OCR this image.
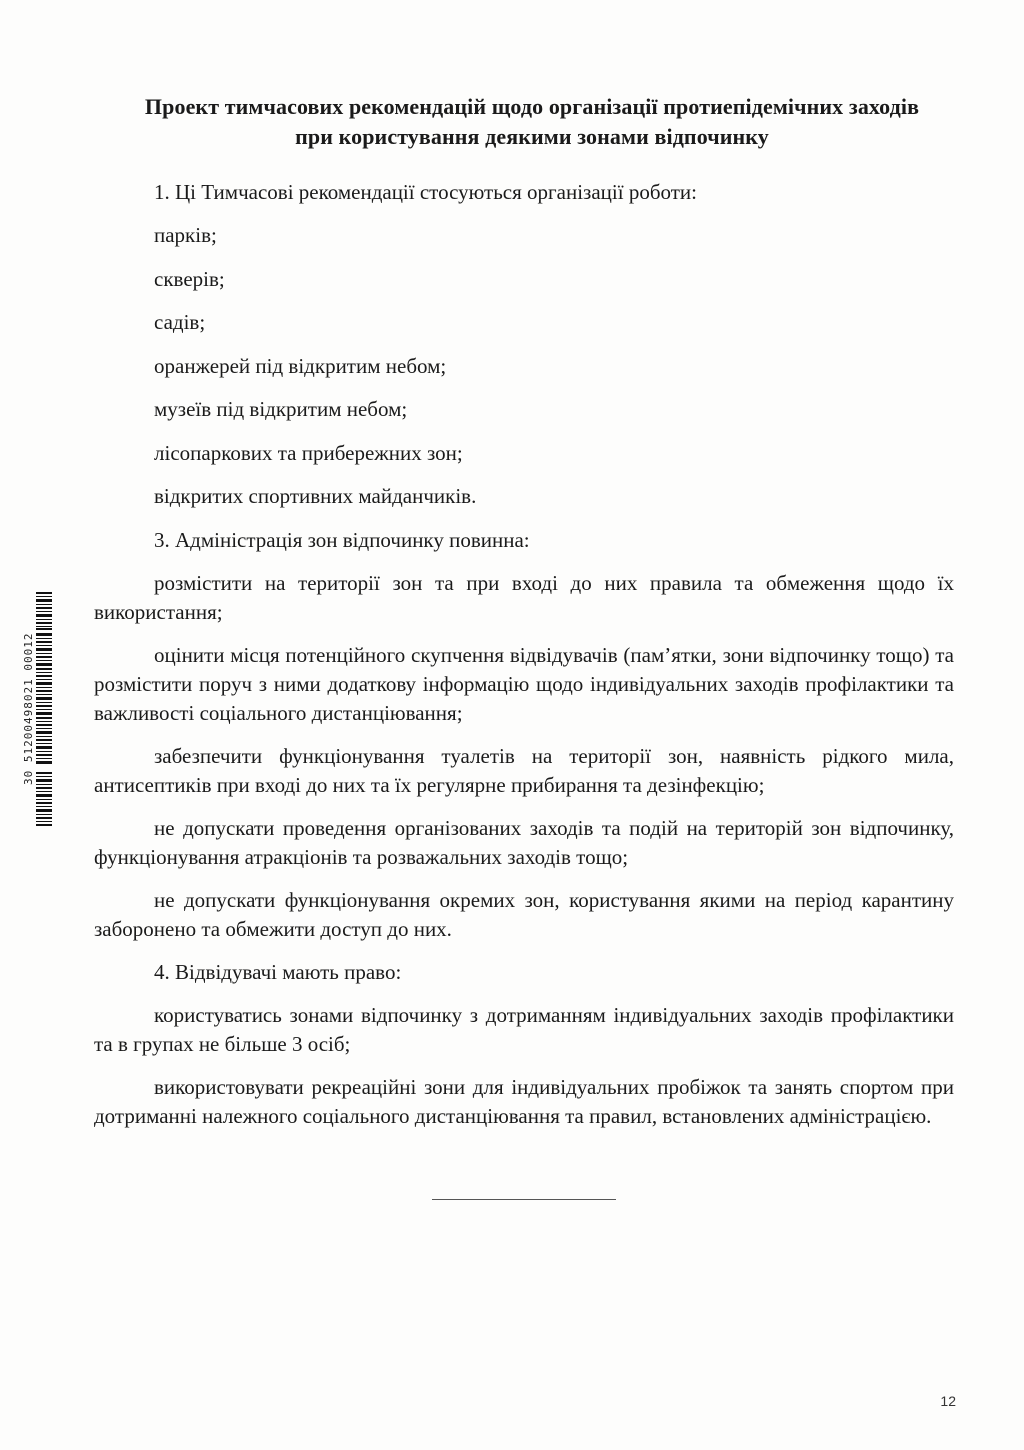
Проект тимчасових рекомендацій щодо організації протиепідемічних заходів
при користування деякими зонами відпочинку

1. Ці Тимчасові рекомендації стосуються організації роботи:

парків;

скверів;

садів;

оранжерей під відкритим небом;

музеїв під відкритим небом;

лісопаркових та прибережних зон;

відкритих спортивних майданчиків.

3. Адміністрація зон відпочинку повинна:

розмістити на території зон та при вході до них правила та обмеження щодо їх використання;

оцінити місця потенційного скупчення відвідувачів (пам’ятки, зони відпочинку тощо) та розмістити поруч з ними додаткову інформацію щодо індивідуальних заходів профілактики та важливості соціального дистанціювання;

забезпечити функціонування туалетів на території зон, наявність рідкого мила, антисептиків при вході до них та їх регулярне прибирання та дезінфекцію;

не допускати проведення організованих заходів та подій на територій зон відпочинку, функціонування атракціонів та розважальних заходів тощо;

не допускати функціонування окремих зон, користування якими на період карантину заборонено та обмежити доступ до них.

4. Відвідувачі мають право:

користуватись зонами відпочинку з дотриманням індивідуальних заходів профілактики та в групах не більше 3 осіб;

використовувати рекреаційні зони для індивідуальних пробіжок та занять спортом при дотриманні належного соціального дистанціювання та правил, встановлених адміністрацією.

12
30 51200498021 00012
